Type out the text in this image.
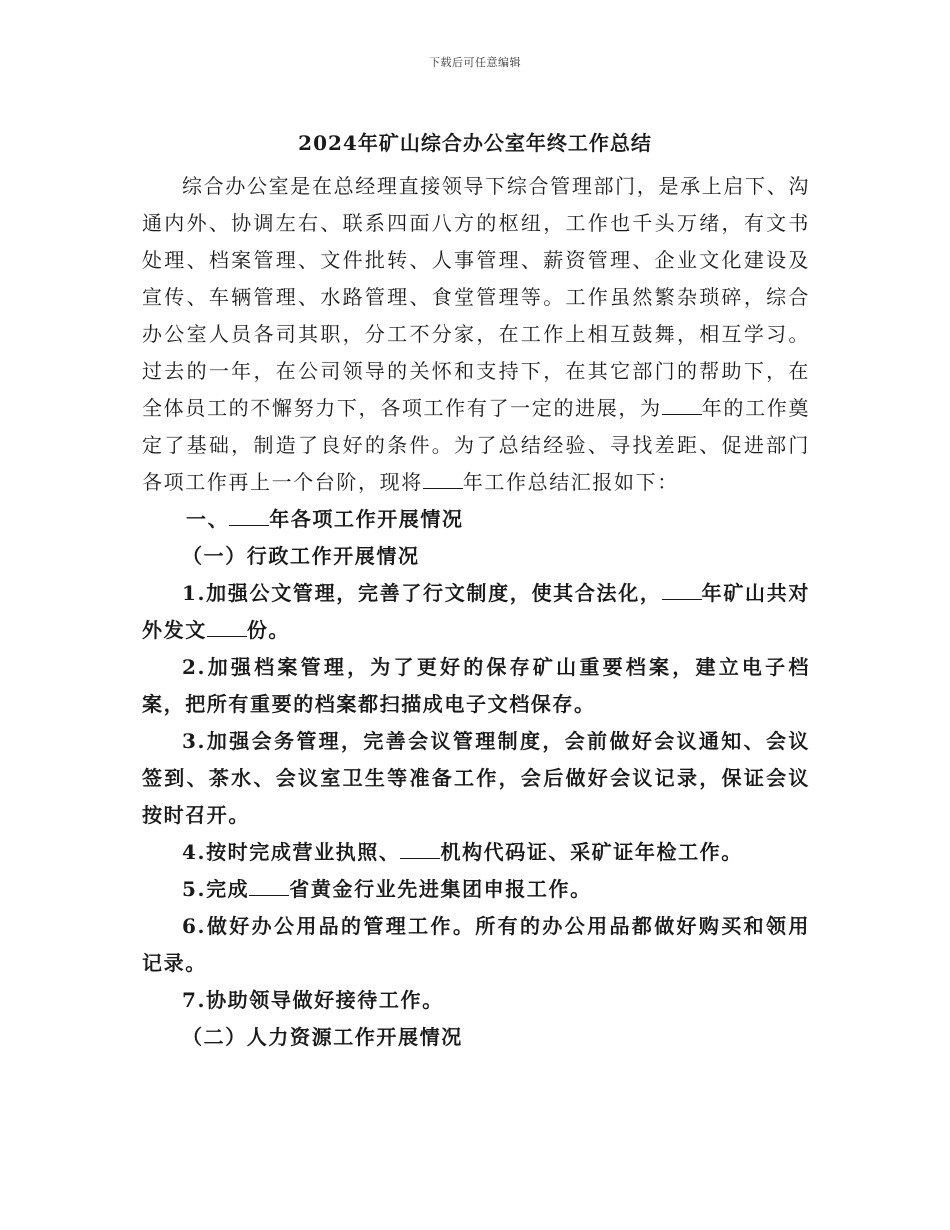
下载后可任意编辑
2024年矿山综合办公室年终工作总结

综合办公室是在总经理直接领导下综合管理部门，是承上启下、沟通内外、协调左右、联系四面八方的枢纽，工作也千头万绪，有文书处理、档案管理、文件批转、人事管理、薪资管理、企业文化建设及宣传、车辆管理、水路管理、食堂管理等。工作虽然繁杂琐碎，综合办公室人员各司其职，分工不分家，在工作上相互鼓舞，相互学习。过去的一年，在公司领导的关怀和支持下，在其它部门的帮助下，在全体员工的不懈努力下，各项工作有了一定的进展，为 年的工作奠定了基础，制造了良好的条件。为了总结经验、寻找差距、促进部门各项工作再上一个台阶，现将 年工作总结汇报如下：

一、 年各项工作开展情况

（一）行政工作开展情况

1.加强公文管理，完善了行文制度，使其合法化， 年矿山共对外发文 份。

2.加强档案管理，为了更好的保存矿山重要档案，建立电子档案，把所有重要的档案都扫描成电子文档保存。

3.加强会务管理，完善会议管理制度，会前做好会议通知、会议签到、茶水、会议室卫生等准备工作，会后做好会议记录，保证会议按时召开。

4.按时完成营业执照、 机构代码证、采矿证年检工作。

5.完成 省黄金行业先进集团申报工作。

6.做好办公用品的管理工作。所有的办公用品都做好购买和领用记录。

7.协助领导做好接待工作。

（二）人力资源工作开展情况
